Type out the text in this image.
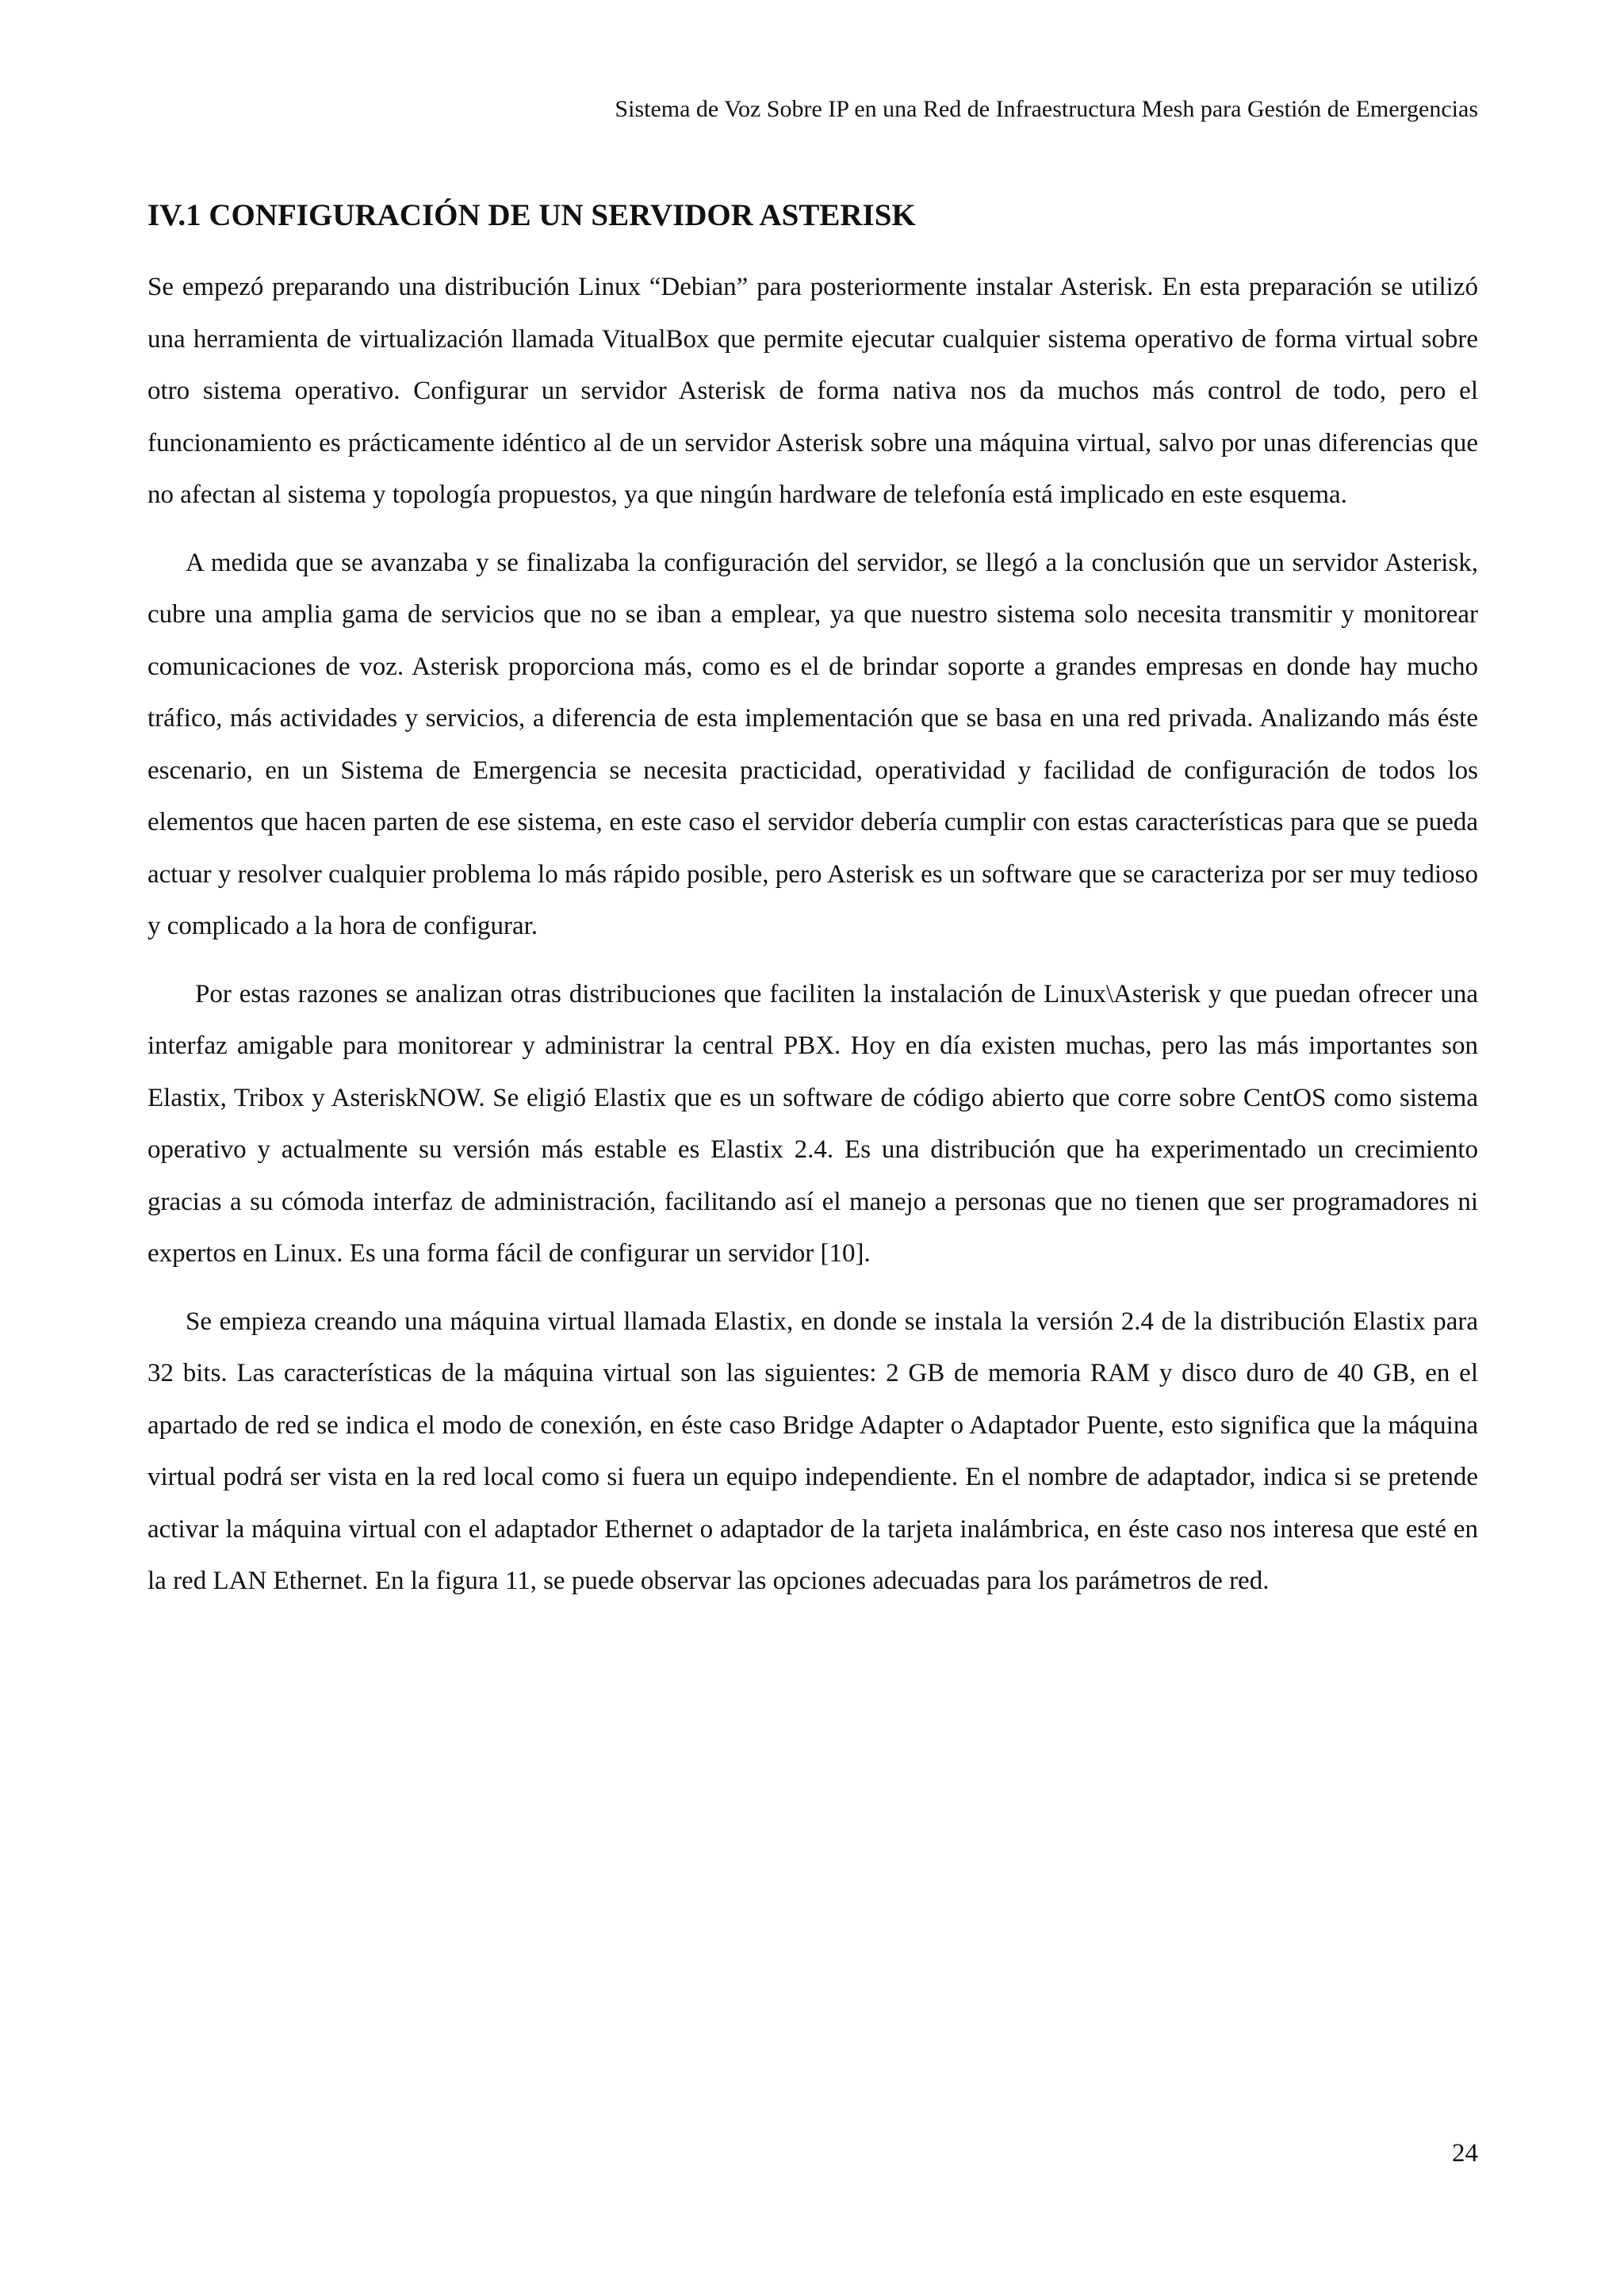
Sistema de Voz Sobre IP en una Red de Infraestructura Mesh para Gestión de Emergencias
IV.1 CONFIGURACIÓN DE UN SERVIDOR ASTERISK

Se empezó preparando una distribución Linux “Debian” para posteriormente instalar Asterisk. En esta preparación se utilizó una herramienta de virtualización llamada VitualBox que permite ejecutar cualquier sistema operativo de forma virtual sobre otro sistema operativo. Configurar un servidor Asterisk de forma nativa nos da muchos más control de todo, pero el funcionamiento es prácticamente idéntico al de un servidor Asterisk sobre una máquina virtual, salvo por unas diferencias que no afectan al sistema y topología propuestos, ya que ningún hardware de telefonía está implicado en este esquema.

A medida que se avanzaba y se finalizaba la configuración del servidor, se llegó a la conclusión que un servidor Asterisk, cubre una amplia gama de servicios que no se iban a emplear, ya que nuestro sistema solo necesita transmitir y monitorear comunicaciones de voz. Asterisk proporciona más, como es el de brindar soporte a grandes empresas en donde hay mucho tráfico, más actividades y servicios, a diferencia de esta implementación que se basa en una red privada. Analizando más éste escenario, en un Sistema de Emergencia se necesita practicidad, operatividad y facilidad de configuración de todos los elementos que hacen parten de ese sistema, en este caso el servidor debería cumplir con estas características para que se pueda actuar y resolver cualquier problema lo más rápido posible, pero Asterisk es un software que se caracteriza por ser muy tedioso y complicado a la hora de configurar.

Por estas razones se analizan otras distribuciones que faciliten la instalación de Linux\Asterisk y que puedan ofrecer una interfaz amigable para monitorear y administrar la central PBX. Hoy en día existen muchas, pero las más importantes son Elastix, Tribox y AsteriskNOW. Se eligió Elastix que es un software de código abierto que corre sobre CentOS como sistema operativo y actualmente su versión más estable es Elastix 2.4. Es una distribución que ha experimentado un crecimiento gracias a su cómoda interfaz de administración, facilitando así el manejo a personas que no tienen que ser programadores ni expertos en Linux. Es una forma fácil de configurar un servidor [10].

Se empieza creando una máquina virtual llamada Elastix, en donde se instala la versión 2.4 de la distribución Elastix para 32 bits. Las características de la máquina virtual son las siguientes: 2 GB de memoria RAM y disco duro de 40 GB, en el apartado de red se indica el modo de conexión, en éste caso Bridge Adapter o Adaptador Puente, esto significa que la máquina virtual podrá ser vista en la red local como si fuera un equipo independiente. En el nombre de adaptador, indica si se pretende activar la máquina virtual con el adaptador Ethernet o adaptador de la tarjeta inalámbrica, en éste caso nos interesa que esté en la red LAN Ethernet. En la figura 11, se puede observar las opciones adecuadas para los parámetros de red.

24
